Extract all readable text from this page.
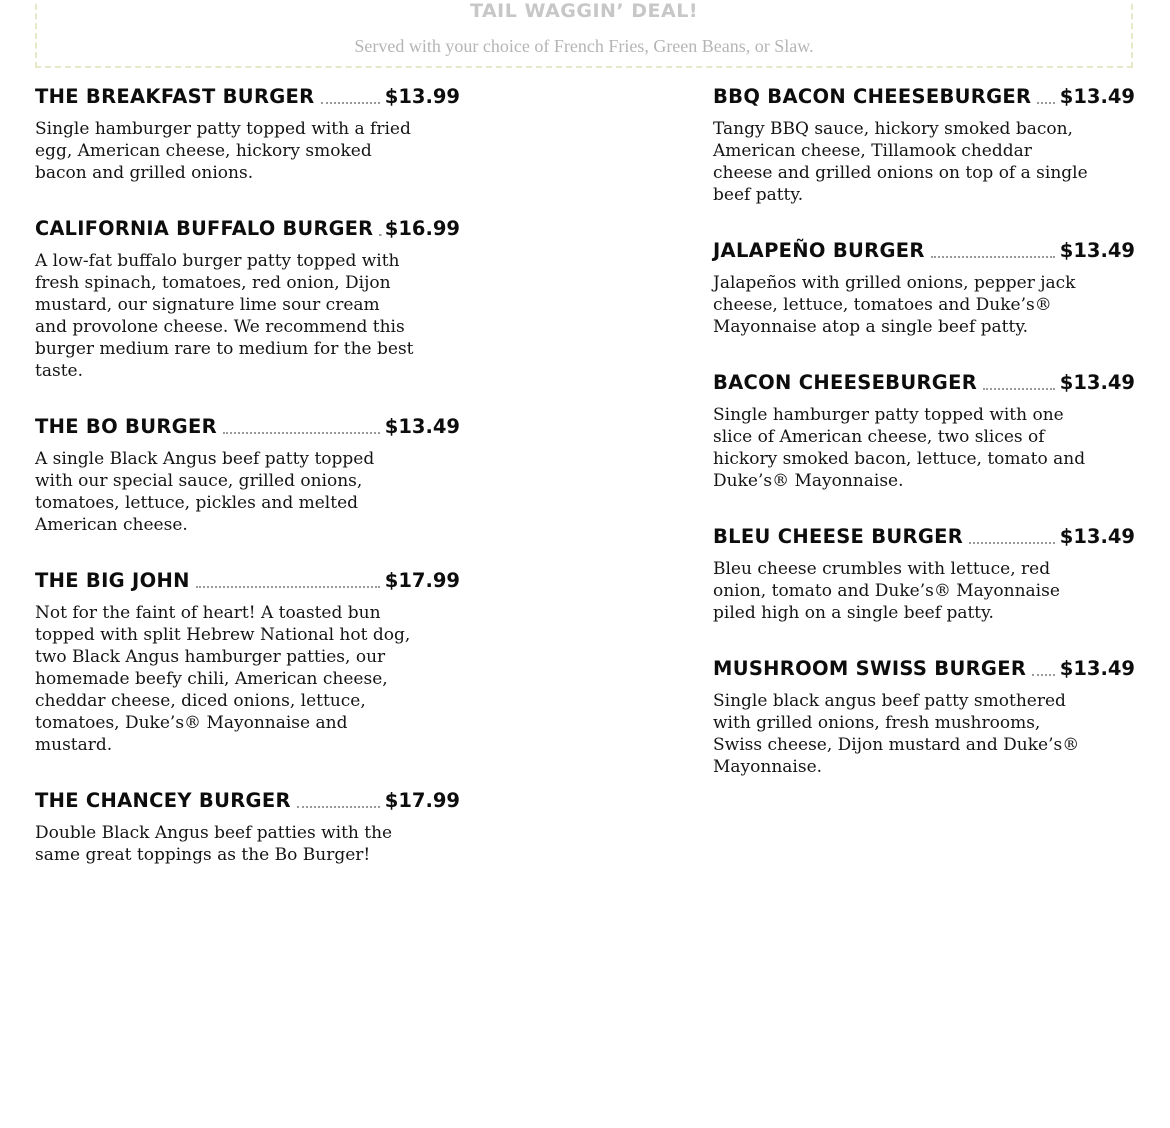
TAIL WAGGIN’ DEAL!
Served with your choice of French Fries, Green Beans, or Slaw.
THE BREAKFAST BURGER	$13.99
Single hamburger patty topped with a fried egg, American cheese, hickory smoked bacon and grilled onions.
CALIFORNIA BUFFALO BURGER $16.99
A low-fat buffalo burger patty topped with fresh spinach, tomatoes, red onion, Dijon mustard, our signature lime sour cream and provolone cheese. We recommend this burger medium rare to medium for the best taste.
THE BO BURGER	$13.49
A single Black Angus beef patty topped with our special sauce, grilled onions, tomatoes, lettuce, pickles and melted American cheese.
THE BIG JOHN	$17.99
Not for the faint of heart! A toasted bun topped with split Hebrew National hot dog, two Black Angus hamburger patties, our homemade beefy chili, American cheese, cheddar cheese, diced onions, lettuce, tomatoes, Duke’s® Mayonnaise and mustard.
THE CHANCEY BURGER	$17.99
Double Black Angus beef patties with the same great toppings as the Bo Burger!
BBQ BACON CHEESEBURGER $13.49
Tangy BBQ sauce, hickory smoked bacon, American cheese, Tillamook cheddar cheese and grilled onions on top of a single beef patty.
JALAPEÑO BURGER	$13.49
Jalapeños with grilled onions, pepper jack cheese, lettuce, tomatoes and Duke’s® Mayonnaise atop a single beef patty.
BACON CHEESEBURGER	$13.49
Single hamburger patty topped with one slice of American cheese, two slices of hickory smoked bacon, lettuce, tomato and Duke’s® Mayonnaise.
BLEU CHEESE BURGER	$13.49
Bleu cheese crumbles with lettuce, red onion, tomato and Duke’s® Mayonnaise piled high on a single beef patty.
MUSHROOM SWISS BURGER $13.49
Single black angus beef patty smothered with grilled onions, fresh mushrooms, Swiss cheese, Dijon mustard and Duke’s® Mayonnaise.
